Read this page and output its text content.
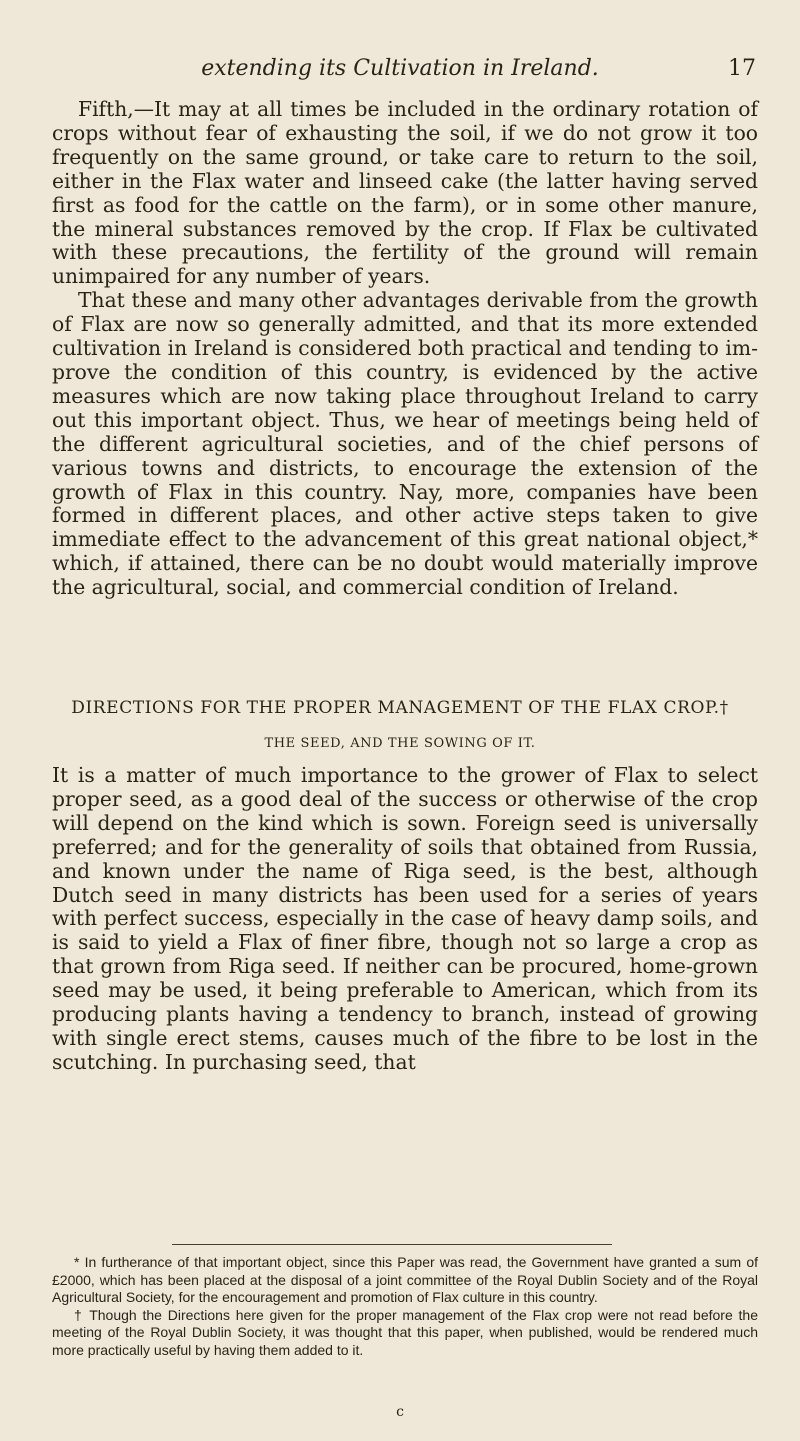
extending its Cultivation in Ireland.	17

Fifth,—It may at all times be included in the ordinary rotation of crops without fear of exhausting the soil, if we do not grow it too frequently on the same ground, or take care to return to the soil, either in the Flax water and linseed cake (the latter having served first as food for the cattle on the farm), or in some other manure, the mineral substances removed by the crop. If Flax be cultivated with these precautions, the fertility of the ground will remain unimpaired for any number of years.

That these and many other advantages derivable from the growth of Flax are now so generally admitted, and that its more extended cultivation in Ireland is considered both practical and tending to improve the condition of this country, is evidenced by the active measures which are now taking place throughout Ireland to carry out this important object. Thus, we hear of meetings being held of the different agricultural societies, and of the chief persons of various towns and districts, to encourage the extension of the growth of Flax in this country. Nay, more, companies have been formed in different places, and other active steps taken to give immediate effect to the advancement of this great national object,* which, if attained, there can be no doubt would materially improve the agricultural, social, and commercial condition of Ireland.

DIRECTIONS FOR THE PROPER MANAGEMENT OF THE FLAX CROP.†
THE SEED, AND THE SOWING OF IT.

It is a matter of much importance to the grower of Flax to select proper seed, as a good deal of the success or otherwise of the crop will depend on the kind which is sown. Foreign seed is universally preferred; and for the generality of soils that obtained from Russia, and known under the name of Riga seed, is the best, although Dutch seed in many districts has been used for a series of years with perfect success, especially in the case of heavy damp soils, and is said to yield a Flax of finer fibre, though not so large a crop as that grown from Riga seed. If neither can be procured, home-grown seed may be used, it being preferable to American, which from its producing plants having a tendency to branch, instead of growing with single erect stems, causes much of the fibre to be lost in the scutching. In purchasing seed, that

* In furtherance of that important object, since this Paper was read, the Government have granted a sum of £2000, which has been placed at the disposal of a joint committee of the Royal Dublin Society and of the Royal Agricultural Society, for the encouragement and promotion of Flax culture in this country.

† Though the Directions here given for the proper management of the Flax crop were not read before the meeting of the Royal Dublin Society, it was thought that this paper, when published, would be rendered much more practically useful by having them added to it.

c
